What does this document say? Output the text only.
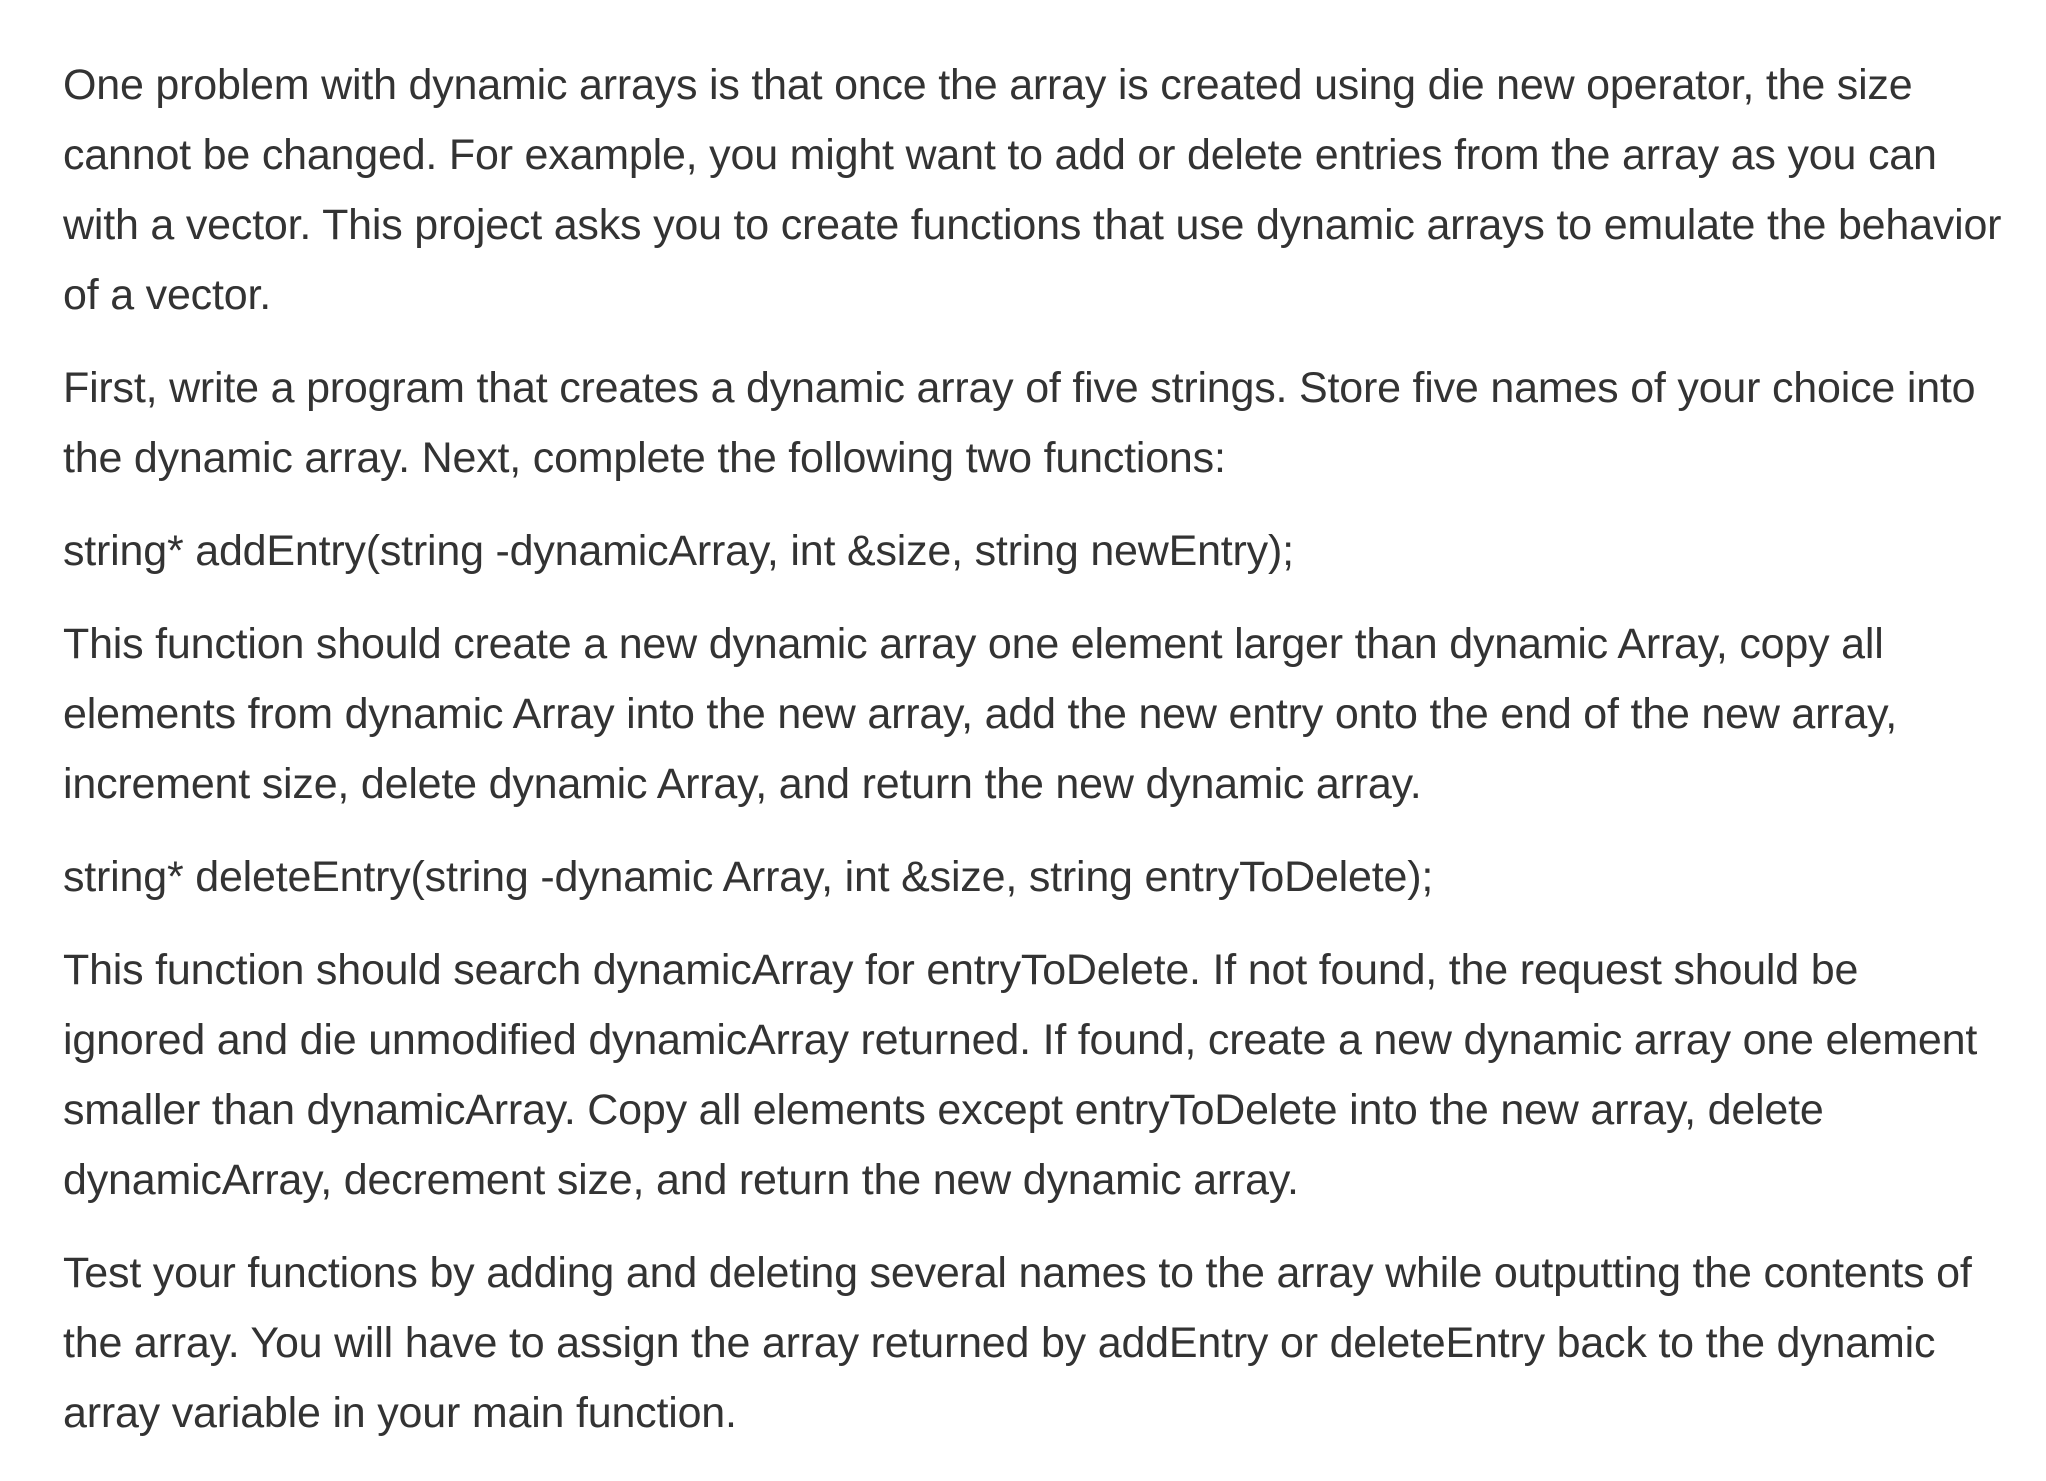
One problem with dynamic arrays is that once the array is created using die new operator, the size cannot be changed. For example, you might want to add or delete entries from the array as you can with a vector. This project asks you to create functions that use dynamic arrays to emulate the behavior of a vector.

First, write a program that creates a dynamic array of five strings. Store five names of your choice into the dynamic array. Next, complete the following two functions:

string* addEntry(string -dynamicArray, int &size, string newEntry);

This function should create a new dynamic array one element larger than dynamic Array, copy all elements from dynamic Array into the new array, add the new entry onto the end of the new array, increment size, delete dynamic Array, and return the new dynamic array.

string* deleteEntry(string -dynamic Array, int &size, string entryToDelete);

This function should search dynamicArray for entryToDelete. If not found, the request should be ignored and die unmodified dynamicArray returned. If found, create a new dynamic array one element smaller than dynamicArray. Copy all elements except entryToDelete into the new array, delete dynamicArray, decrement size, and return the new dynamic array.

Test your functions by adding and deleting several names to the array while outputting the contents of the array. You will have to assign the array returned by addEntry or deleteEntry back to the dynamic array variable in your main function.
